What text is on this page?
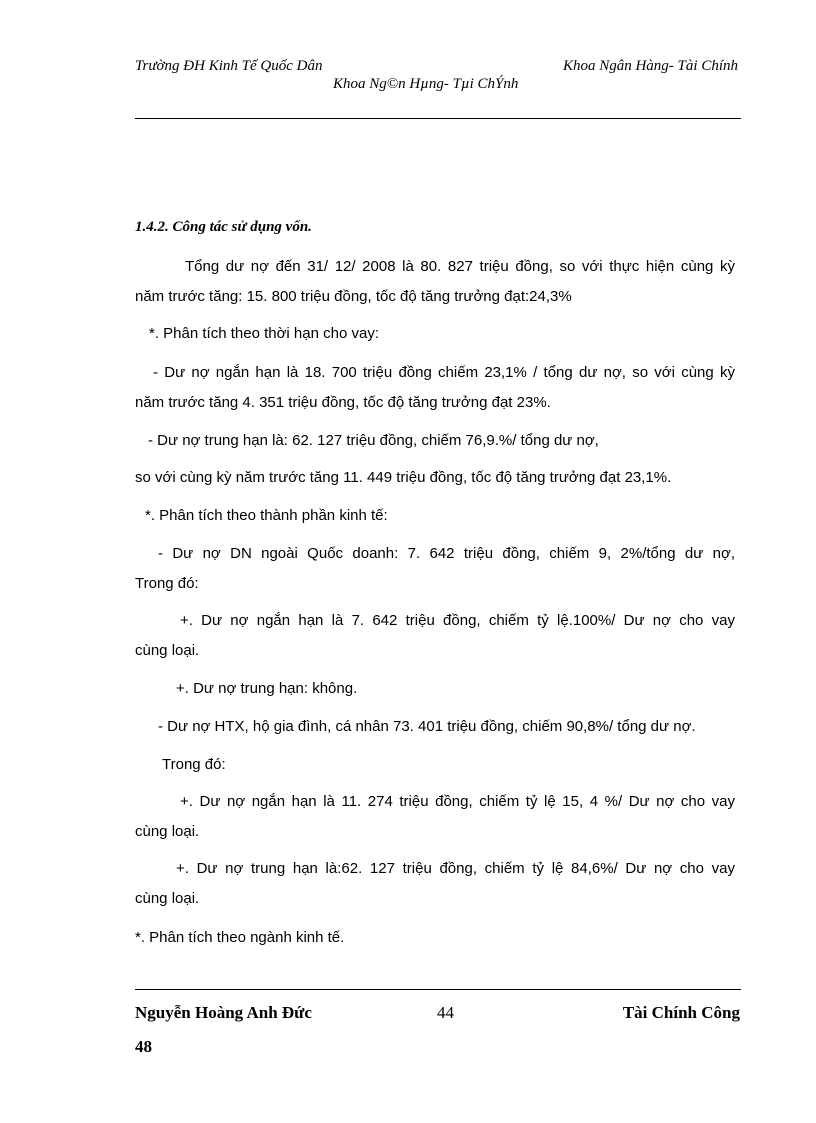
Trường ĐH Kinh Tế Quốc Dân	Khoa Ngân Hàng- Tài Chính
Khoa Ng©n Hµng- Tµi ChÝnh
1.4.2. Công tác sử dụng vốn.
Tổng dư nợ đến 31/ 12/ 2008 là 80. 827 triệu đồng, so với thực hiện cùng kỳ
năm trước tăng: 15. 800 triệu đồng, tốc độ tăng trưởng đạt:24,3%
*. Phân tích theo thời hạn cho vay:
- Dư nợ ngắn hạn là 18. 700 triệu đồng chiếm 23,1% / tổng dư nợ, so với cùng kỳ
năm trước tăng 4. 351 triệu đồng, tốc độ tăng trưởng đạt 23%.
- Dư nợ trung hạn là: 62. 127 triệu đồng, chiếm 76,9.%/ tổng dư nợ,
so với cùng kỳ năm trước tăng 11. 449 triệu đồng, tốc độ tăng trưởng đạt 23,1%.
*. Phân tích theo thành phần kinh tế:
- Dư nợ DN ngoài Quốc doanh: 7. 642 triệu đồng, chiếm 9, 2%/tổng dư nợ,
Trong đó:
+. Dư nợ ngắn hạn là 7. 642 triệu đồng, chiếm tỷ lệ.100%/ Dư nợ cho vay
cùng loại.
+. Dư nợ trung hạn: không.
- Dư nợ HTX, hộ gia đình, cá nhân 73. 401 triệu đồng, chiếm 90,8%/ tổng dư nợ.
Trong đó:
+. Dư nợ ngắn hạn là 11. 274 triệu đồng, chiếm tỷ lệ 15, 4 %/ Dư nợ cho vay
cùng loại.
+. Dư nợ trung hạn là:62. 127 triệu đồng, chiếm tỷ lệ 84,6%/ Dư nợ cho vay
cùng loại.
*. Phân tích theo ngành kinh tế.
Nguyễn Hoàng Anh Đức	44	Tài Chính Công
48
